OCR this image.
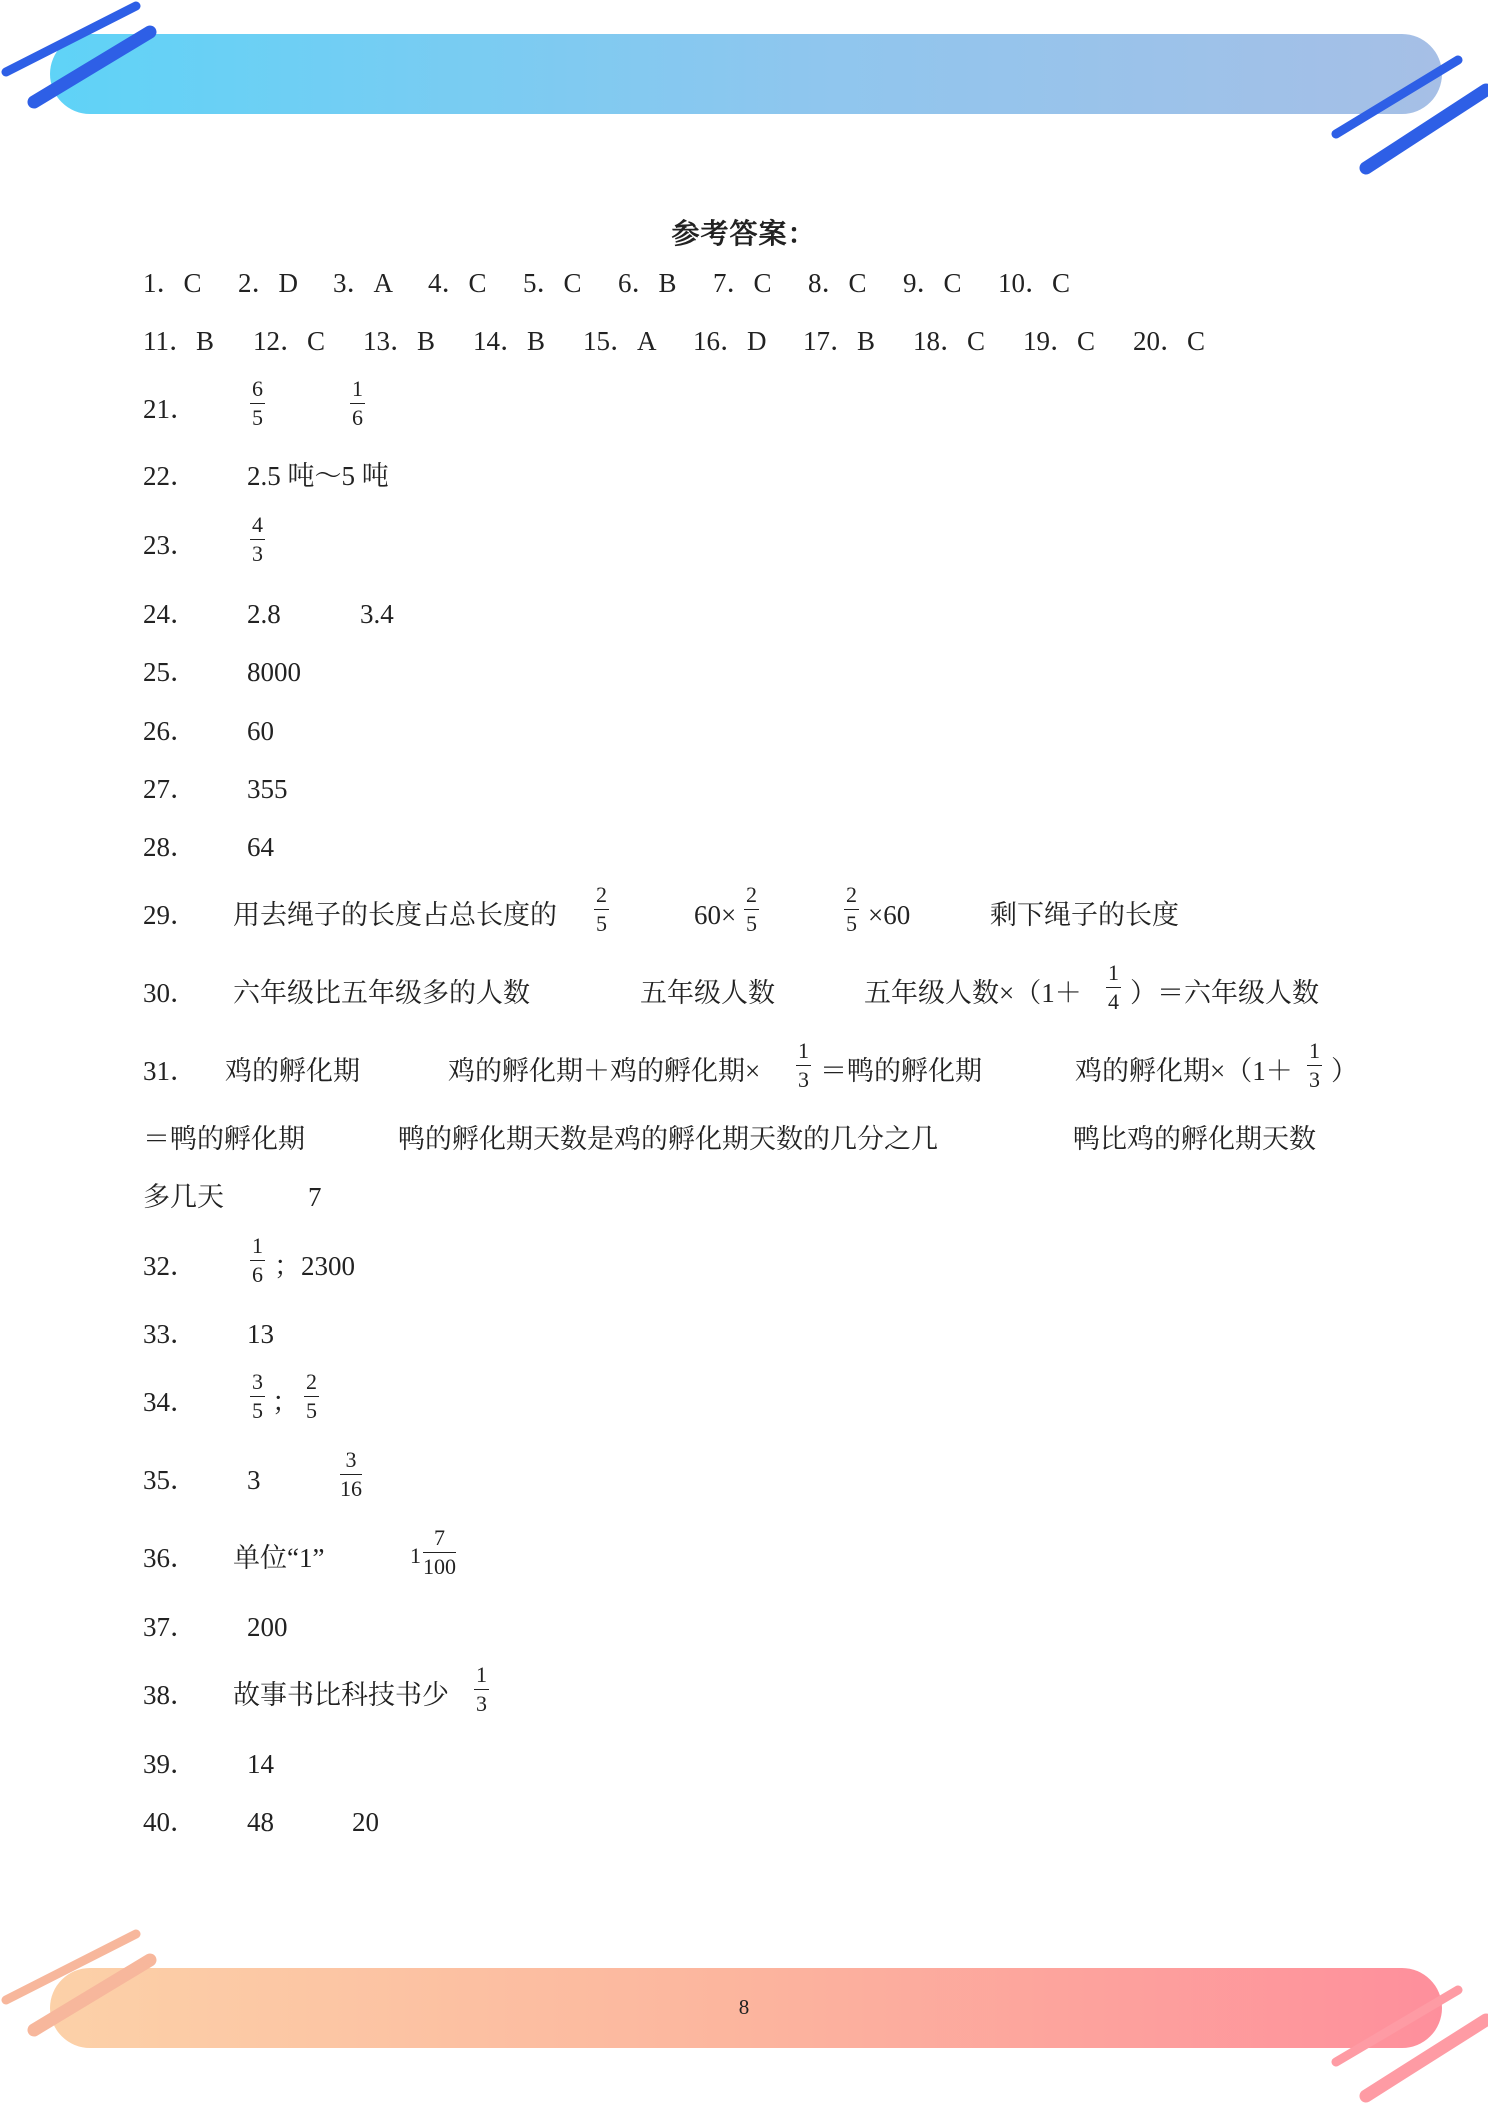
参考答案：
1．C 2．D 3．A 4．C 5．C 6．B 7．C 8．C 9．C 10．C
11．B 12．C 13．B 14．B 15．A 16．D 17．B 18．C 19．C 20．C
21． $\frac{6}{5}$	$\frac{1}{6}$
22． 2.5 吨～5 吨
23． $\frac{4}{3}$
24． 2.8	3.4
25． 8000
26． 60
27． 355
28． 64
29． 用去绳子的长度占总长度的 $\frac{2}{5}$	$60\times \frac{2}{5}$	$\frac{2}{5} \times 60$	剩下绳子的长度
30． 六年级比五年级多的人数	五年级人数	五年级人数$\times(1+ \frac{1}{4}$ ）＝六年级人数
31． 鸡的孵化期	鸡的孵化期＋鸡的孵化期× $\frac{1}{3}$ ＝鸭的孵化期	鸡的孵化期$\times(1+ \frac{1}{3}$ ）
＝鸭的孵化期	鸭的孵化期天数是鸡的孵化期天数的几分之几	鸭比鸡的孵化期天数
多几天	7
32． $\frac{1}{6}$ ；2300
33． 13
34． $\frac{3}{5}$ ； $\frac{2}{5}$
35． 3	$\frac{3}{16}$
36． 单位“1”	$1 \frac{7}{100}$
37． 200
38． 故事书比科技书少 $\frac{1}{3}$
39． 14
40． 48	20
8
